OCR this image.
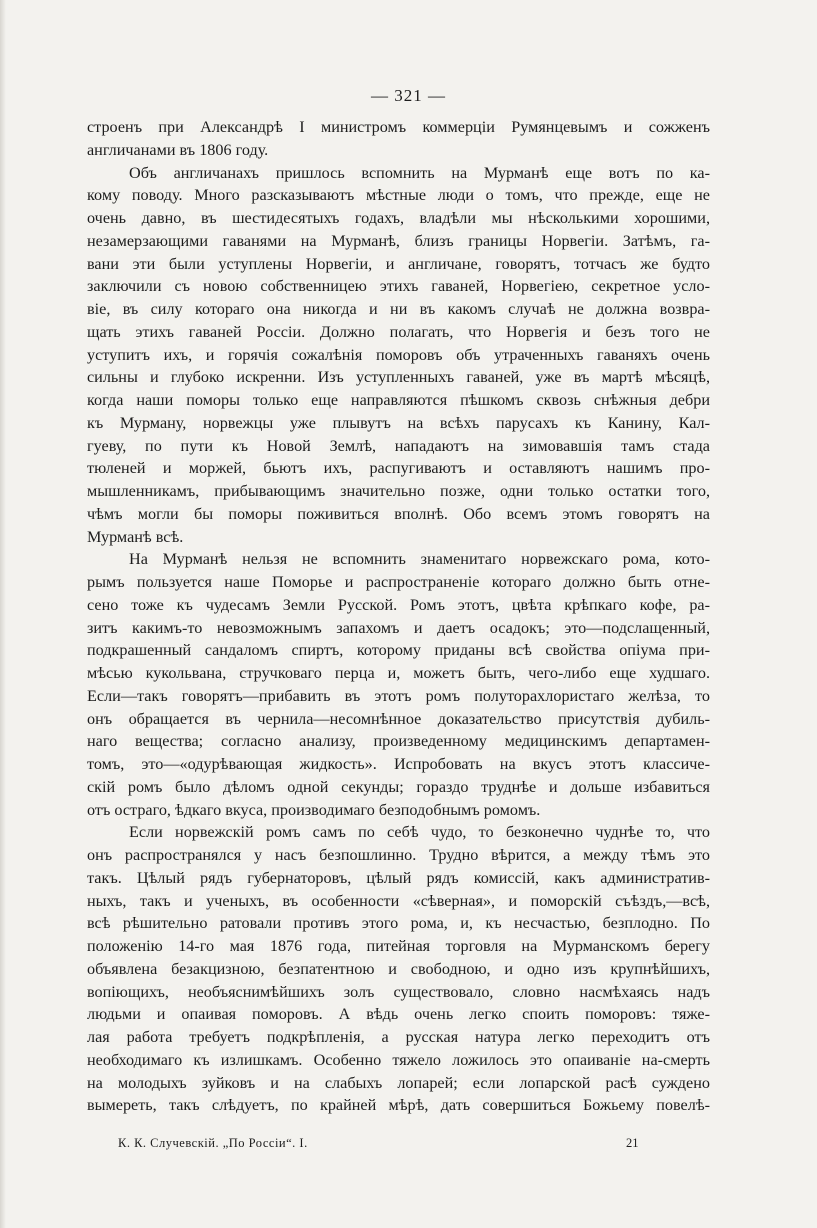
— 321 —
строенъ при Александрѣ I министромъ коммерціи Румянцевымъ и сожженъ
англичанами въ 1806 году.
Объ англичанахъ пришлось вспомнить на Мурманѣ еще вотъ по ка-
кому поводу. Много разсказываютъ мѣстные люди о томъ, что прежде, еще не
очень давно, въ шестидесятыхъ годахъ, владѣли мы нѣсколькими хорошими,
незамерзающими гаванями на Мурманѣ, близъ границы Норвегіи. Затѣмъ, га-
вани эти были уступлены Норвегіи, и англичане, говорятъ, тотчасъ же будто
заключили съ новою собственницею этихъ гаваней, Норвегіею, секретное усло-
віе, въ силу котораго она никогда и ни въ какомъ случаѣ не должна возвра-
щать этихъ гаваней Россіи. Должно полагать, что Норвегія и безъ того не
уступитъ ихъ, и горячія сожалѣнія поморовъ объ утраченныхъ гаваняхъ очень
сильны и глубоко искренни. Изъ уступленныхъ гаваней, уже въ мартѣ мѣсяцѣ,
когда наши поморы только еще направляются пѣшкомъ сквозь снѣжныя дебри
къ Мурману, норвежцы уже плывутъ на всѣхъ парусахъ къ Канину, Кал-
гуеву, по пути къ Новой Землѣ, нападаютъ на зимовавшія тамъ стада
тюленей и моржей, бьютъ ихъ, распугиваютъ и оставляютъ нашимъ про-
мышленникамъ, прибывающимъ значительно позже, одни только остатки того,
чѣмъ могли бы поморы поживиться вполнѣ. Обо всемъ этомъ говорятъ на
Мурманѣ всѣ.
На Мурманѣ нельзя не вспомнить знаменитаго норвежскаго рома, кото-
рымъ пользуется наше Поморье и распространеніе котораго должно быть отне-
сено тоже къ чудесамъ Земли Русской. Ромъ этотъ, цвѣта крѣпкаго кофе, ра-
зитъ какимъ-то невозможнымъ запахомъ и даетъ осадокъ; это—подслащенный,
подкрашенный сандаломъ спиртъ, которому приданы всѣ свойства опіума при-
мѣсью кукольвана, стручковаго перца и, можетъ быть, чего-либо еще худшаго.
Если—такъ говорятъ—прибавить въ этотъ ромъ полуторахлористаго желѣза, то
онъ обращается въ чернила—несомнѣнное доказательство присутствія дубиль-
наго вещества; согласно анализу, произведенному медицинскимъ департамен-
томъ, это—«одурѣвающая жидкость». Испробовать на вкусъ этотъ классиче-
скій ромъ было дѣломъ одной секунды; гораздо труднѣе и дольше избавиться
отъ остраго, ѣдкаго вкуса, производимаго безподобнымъ ромомъ.
Если норвежскій ромъ самъ по себѣ чудо, то безконечно чуднѣе то, что
онъ распространялся у насъ безпошлинно. Трудно вѣрится, а между тѣмъ это
такъ. Цѣлый рядъ губернаторовъ, цѣлый рядъ комиссій, какъ административ-
ныхъ, такъ и ученыхъ, въ особенности «сѣверная», и поморскій съѣздъ,—всѣ,
всѣ рѣшительно ратовали противъ этого рома, и, къ несчастью, безплодно. По
положенію 14-го мая 1876 года, питейная торговля на Мурманскомъ берегу
объявлена безакцизною, безпатентною и свободною, и одно изъ крупнѣйшихъ,
вопіющихъ, необъяснимѣйшихъ золъ существовало, словно насмѣхаясь надъ
людьми и опаивая поморовъ. А вѣдь очень легко споить поморовъ: тяже-
лая работа требуетъ подкрѣпленія, а русская натура легко переходитъ отъ
необходимаго къ излишкамъ. Особенно тяжело ложилось это опаиваніе на-смерть
на молодыхъ зуйковъ и на слабыхъ лопарей; если лопарской расѣ суждено
вымереть, такъ слѣдуетъ, по крайней мѣрѣ, дать совершиться Божьему повелѣ-
К. К. Случевскій. „По Россіи“. I.	21
